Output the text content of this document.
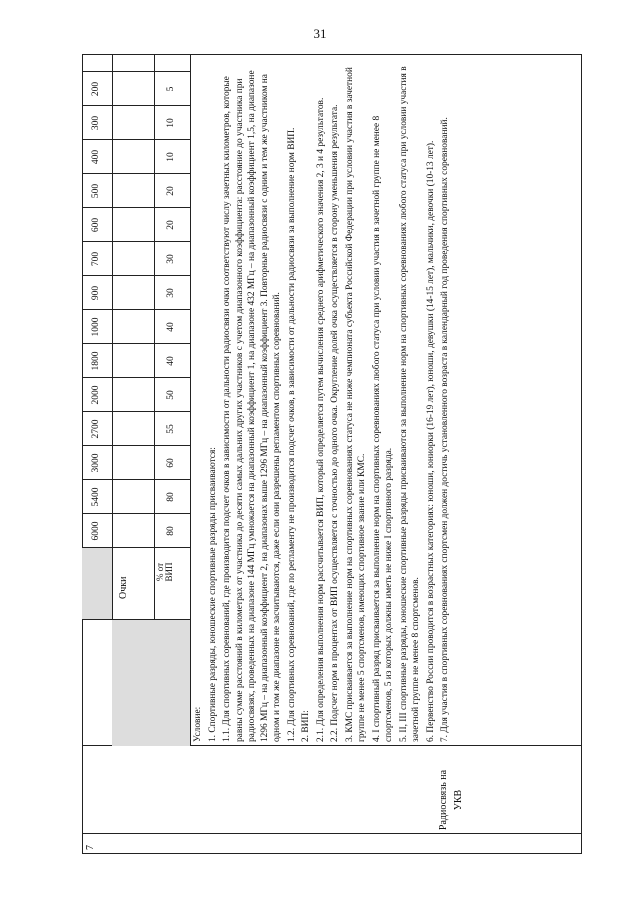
31
Очки
% от ВИП
6000
5400
3000
2700
2000
1800
1000
900
700
600
500
400
300
200
80
80
60
55
50
40
40
30
30
20
20
10
10
5
7
Радиосвязь на УКВ

Условие: 1. Спортивные разряды, юношеские спортивные разряды присваиваются: 1.1. Для спортивных соревнований, где производится подсчет очков в зависимости от дальности радиосвязи очки соответствуют числу зачетных километров, которые равны сумме расстояний в километрах от участника до десяти самых дальних других участников с учетом диапазонного коэффициента: расстояние до участника при радиосвязях, проведенных на диапазоне 144 МГц умножается на диапазонный коэффициент 1, на диапазоне 432 МГц – на диапазонный коэффициент 1,5, на диапазоне 1296 МГц – на диапазонный коэффициент 2, на диапазонах выше 1296 МГц – на диапазонный коэффициент 3. Повторные радиосвязи с одним и тем же участником на одном и том же диапазоне не засчитываются, даже если они разрешены регламентом спортивных соревнований. 1.2. Для спортивных соревнований, где по регламенту не производится подсчет очков, в зависимости от дальности радиосвязи за выполнение норм ВИП. 2. ВИП: 2.1. Для определения выполнения норм рассчитывается ВИП, который определяется путем вычисления среднего арифметического значения 2, 3 и 4 результатов. 2.2. Подсчет норм в процентах от ВИП осуществляется с точностью до одного очка. Округление долей очка осуществляется в сторону уменьшения результата. 3. КМС присваивается за выполнение норм на спортивных соревнованиях статуса не ниже чемпионата субъекта Российской Федерации при условии участия в зачетной группе не менее 5 спортсменов, имеющих спортивное звание или КМС. 4. I спортивный разряд присваивается за выполнение норм на спортивных соревнованиях любого статуса при условии участия в зачетной группе не менее 8 спортсменов, 5 из которых должны иметь не ниже I спортивного разряда. 5. II, III спортивные разряды, юношеские спортивные разряды присваиваются за выполнение норм на спортивных соревнованиях любого статуса при условии участия в зачетной группе не менее 8 спортсменов. 6. Первенство России проводится в возрастных категориях: юноши, юниорки (16-19 лет), юноши, девушки (14-15 лет), мальчики, девочки (10-13 лет). 7. Для участия в спортивных соревнованиях спортсмен должен достичь установленного возраста в календарный год проведения спортивных соревнований.
